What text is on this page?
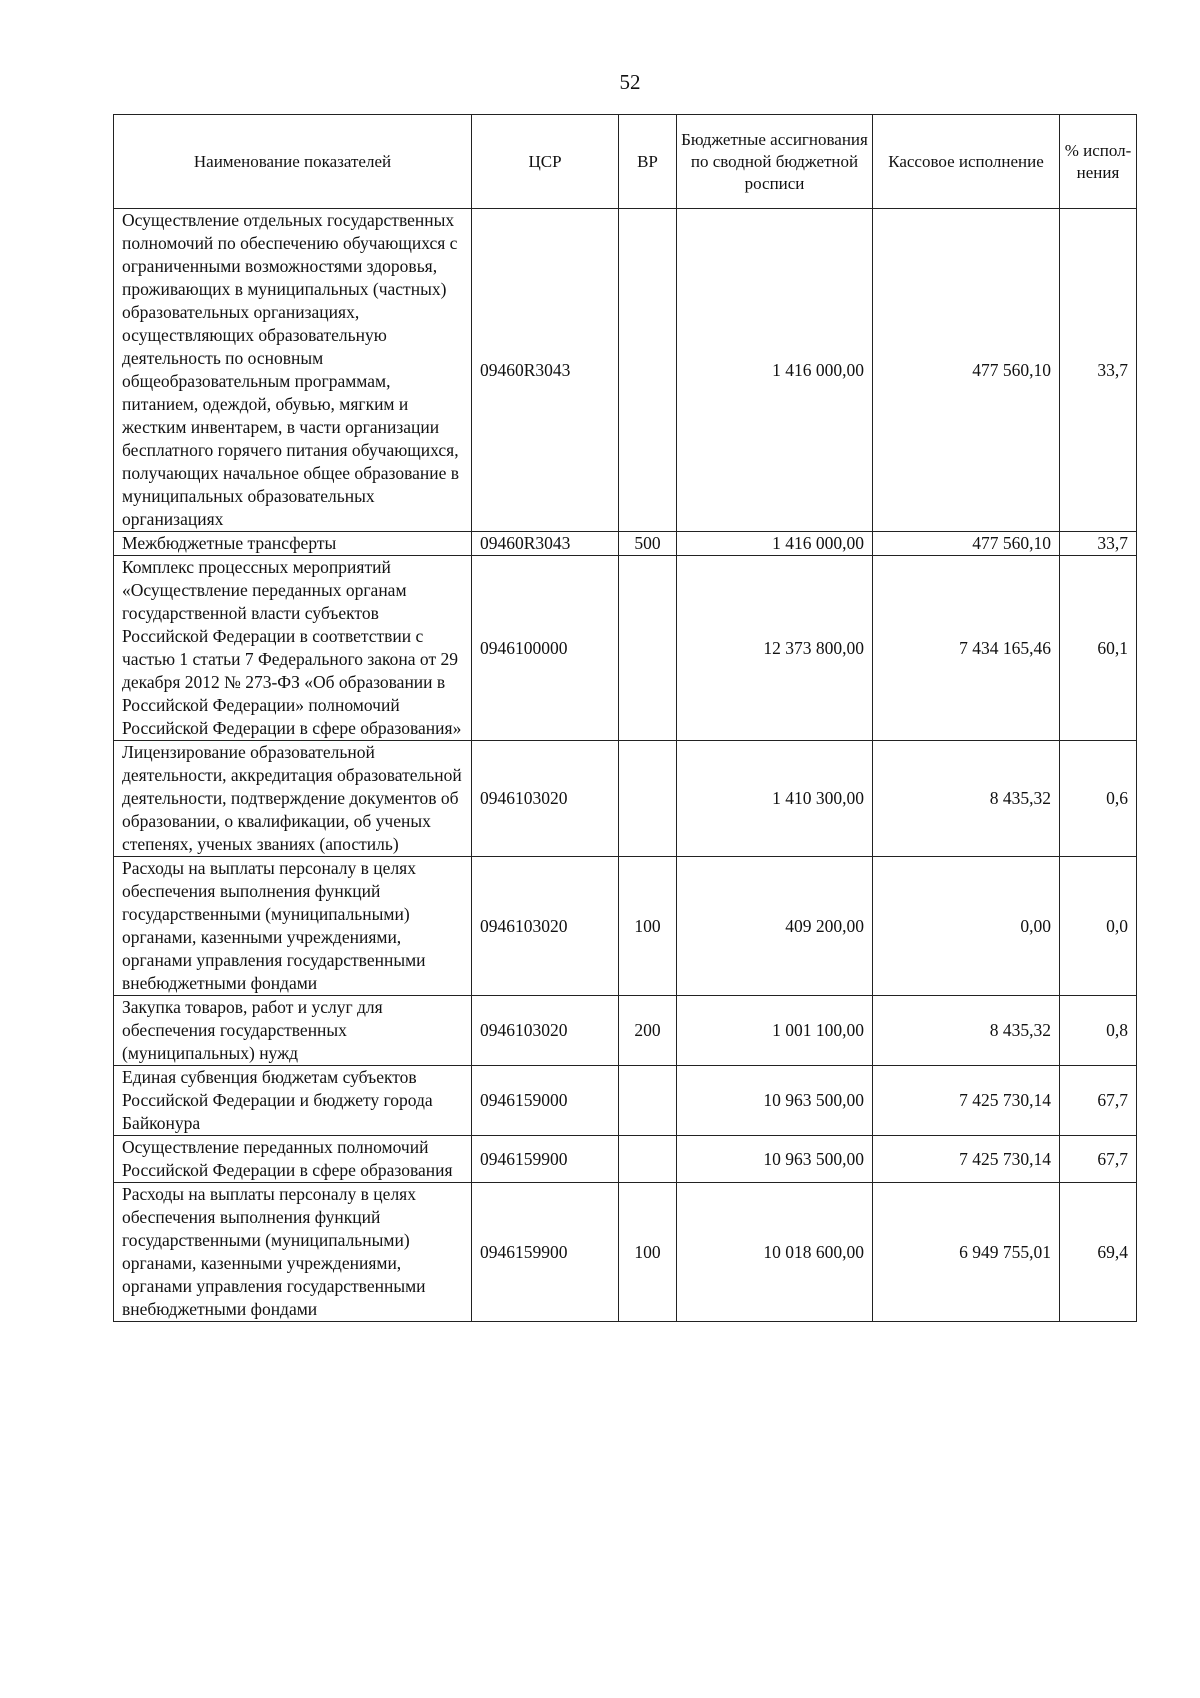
52
Наименование показателей	ЦСР	ВР	Бюджетные ассигнования по сводной бюджетной росписи	Кассовое исполнение	% испол-нения
Осуществление отдельных государственных полномочий по обеспечению обучающихся с ограниченными возможностями здоровья, проживающих в муниципальных (частных) образовательных организациях, осуществляющих образовательную деятельность по основным общеобразовательным программам, питанием, одеждой, обувью, мягким и жестким инвентарем, в части организации бесплатного горячего питания обучающихся, получающих начальное общее образование в муниципальных образовательных организациях	09460R3043		1 416 000,00	477 560,10	33,7
Межбюджетные трансферты	09460R3043	500	1 416 000,00	477 560,10	33,7
Комплекс процессных мероприятий «Осуществление переданных органам государственной власти субъектов Российской Федерации в соответствии с частью 1 статьи 7 Федерального закона от 29 декабря 2012 № 273-ФЗ «Об образовании в Российской Федерации» полномочий Российской Федерации в сфере образования»	0946100000		12 373 800,00	7 434 165,46	60,1
Лицензирование образовательной деятельности, аккредитация образовательной деятельности, подтверждение документов об образовании, о квалификации, об ученых степенях, ученых званиях (апостиль)	0946103020		1 410 300,00	8 435,32	0,6
Расходы на выплаты персоналу в целях обеспечения выполнения функций государственными (муниципальными) органами, казенными учреждениями, органами управления государственными внебюджетными фондами	0946103020	100	409 200,00	0,00	0,0
Закупка товаров, работ и услуг для обеспечения государственных (муниципальных) нужд	0946103020	200	1 001 100,00	8 435,32	0,8
Единая субвенция бюджетам субъектов Российской Федерации и бюджету города Байконура	0946159000		10 963 500,00	7 425 730,14	67,7
Осуществление переданных полномочий Российской Федерации в сфере образования	0946159900		10 963 500,00	7 425 730,14	67,7
Расходы на выплаты персоналу в целях обеспечения выполнения функций государственными (муниципальными) органами, казенными учреждениями, органами управления государственными внебюджетными фондами	0946159900	100	10 018 600,00	6 949 755,01	69,4
